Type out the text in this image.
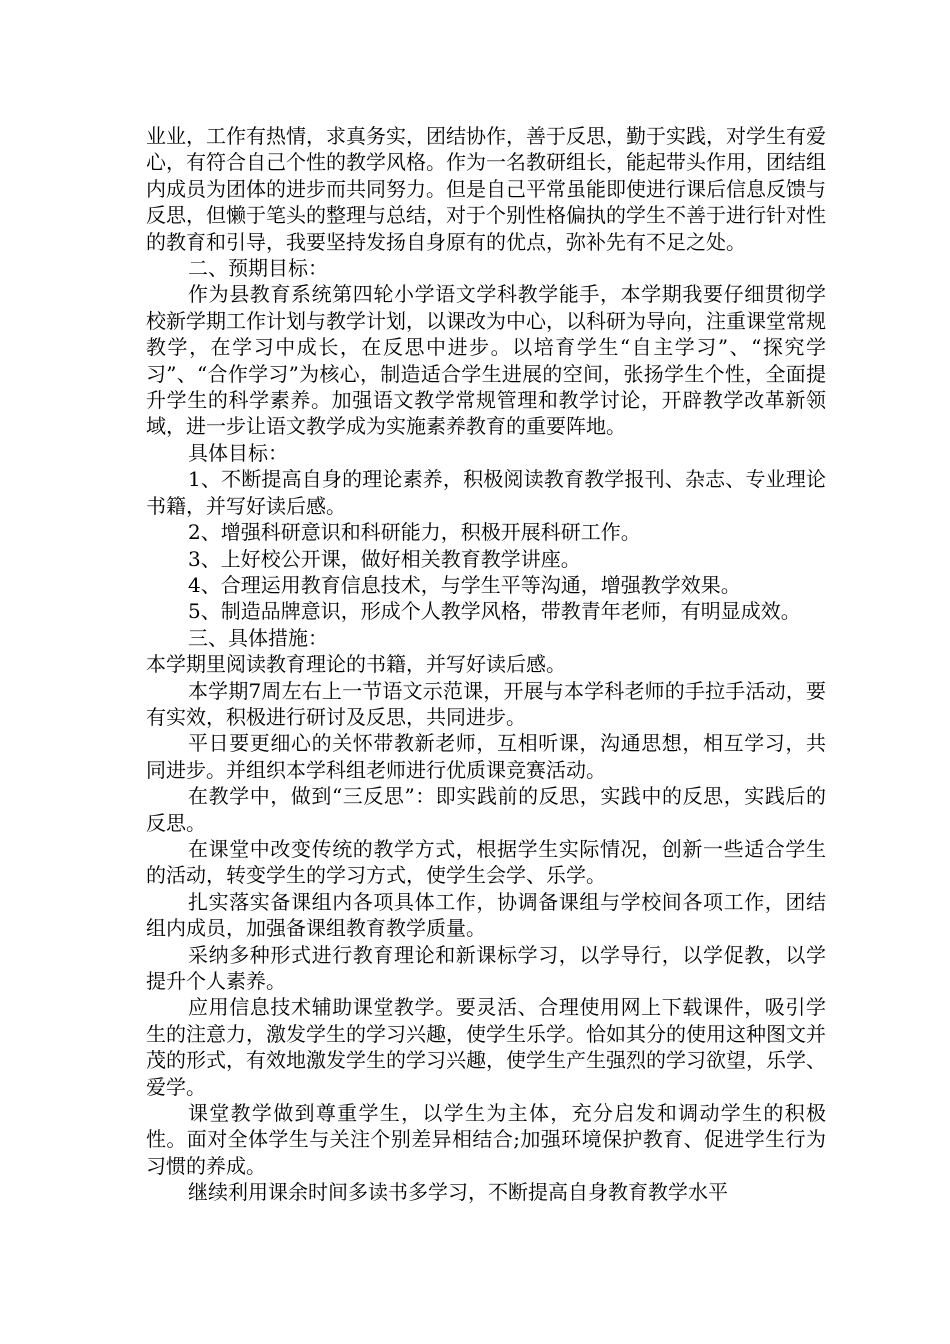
业业，工作有热情，求真务实，团结协作，善于反思，勤于实践，对学生有爱心，有符合自己个性的教学风格。作为一名教研组长，能起带头作用，团结组内成员为团体的进步而共同努力。但是自己平常虽能即使进行课后信息反馈与反思，但懒于笔头的整理与总结，对于个别性格偏执的学生不善于进行针对性的教育和引导，我要坚持发扬自身原有的优点，弥补先有不足之处。

二、预期目标：

作为县教育系统第四轮小学语文学科教学能手，本学期我要仔细贯彻学校新学期工作计划与教学计划，以课改为中心，以科研为导向，注重课堂常规教学，在学习中成长，在反思中进步。以培育学生“自主学习”、“探究学习”、“合作学习”为核心，制造适合学生进展的空间，张扬学生个性，全面提升学生的科学素养。加强语文教学常规管理和教学讨论，开辟教学改革新领域，进一步让语文教学成为实施素养教育的重要阵地。

具体目标：

1、不断提高自身的理论素养，积极阅读教育教学报刊、杂志、专业理论书籍，并写好读后感。

2、增强科研意识和科研能力，积极开展科研工作。

3、上好校公开课，做好相关教育教学讲座。

4、合理运用教育信息技术，与学生平等沟通，增强教学效果。

5、制造品牌意识，形成个人教学风格，带教青年老师，有明显成效。

三、具体措施：

本学期里阅读教育理论的书籍，并写好读后感。

本学期7周左右上一节语文示范课，开展与本学科老师的手拉手活动，要有实效，积极进行研讨及反思，共同进步。

平日要更细心的关怀带教新老师，互相听课，沟通思想，相互学习，共同进步。并组织本学科组老师进行优质课竞赛活动。

在教学中，做到“三反思”：即实践前的反思，实践中的反思，实践后的反思。

在课堂中改变传统的教学方式，根据学生实际情况，创新一些适合学生的活动，转变学生的学习方式，使学生会学、乐学。

扎实落实备课组内各项具体工作，协调备课组与学校间各项工作，团结组内成员，加强备课组教育教学质量。

采纳多种形式进行教育理论和新课标学习，以学导行，以学促教，以学提升个人素养。

应用信息技术辅助课堂教学。要灵活、合理使用网上下载课件，吸引学生的注意力，激发学生的学习兴趣，使学生乐学。恰如其分的使用这种图文并茂的形式，有效地激发学生的学习兴趣，使学生产生强烈的学习欲望，乐学、爱学。

课堂教学做到尊重学生，以学生为主体，充分启发和调动学生的积极性。面对全体学生与关注个别差异相结合;加强环境保护教育、促进学生行为习惯的养成。

继续利用课余时间多读书多学习，不断提高自身教育教学水平
